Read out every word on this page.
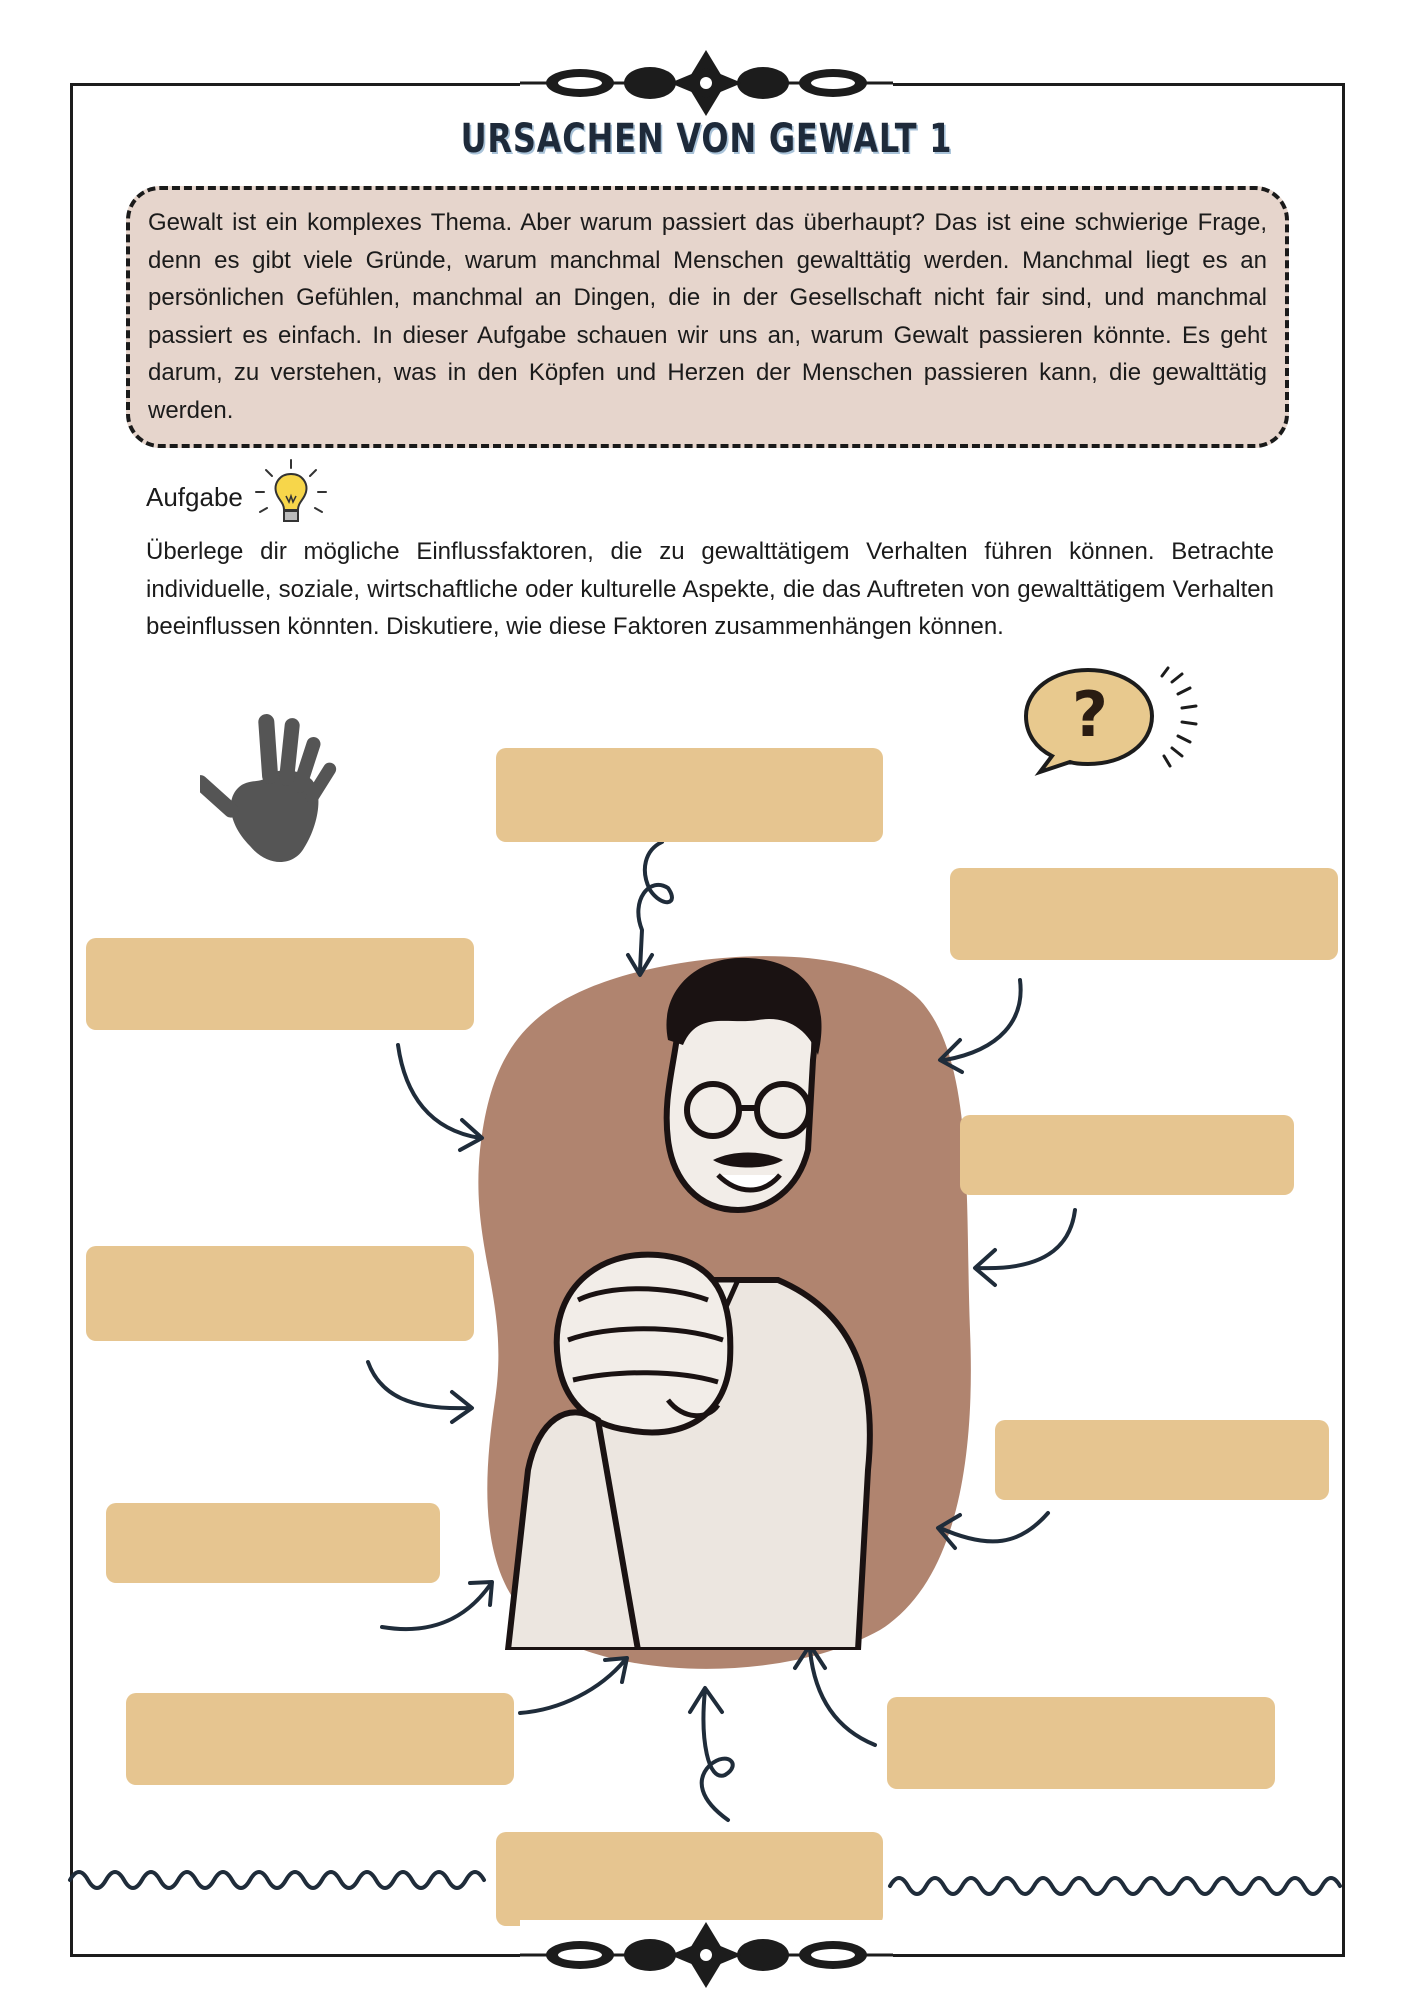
URSACHEN VON GEWALT 1
Gewalt ist ein komplexes Thema. Aber warum passiert das überhaupt? Das ist eine schwierige Frage, denn es gibt viele Gründe, warum manchmal Menschen gewalttätig werden. Manchmal liegt es an persönlichen Gefühlen, manchmal an Dingen, die in der Gesellschaft nicht fair sind, und manchmal passiert es einfach. In dieser Aufgabe schauen wir uns an, warum Gewalt passieren könnte. Es geht darum, zu verstehen, was in den Köpfen und Herzen der Menschen passieren kann, die gewalttätig werden.
Aufgabe
Überlege dir mögliche Einflussfaktoren, die zu gewalttätigem Verhalten führen können. Betrachte individuelle, soziale, wirtschaftliche oder kulturelle Aspekte, die das Auftreten von gewalttätigem Verhalten beeinflussen könnten. Diskutiere, wie diese Faktoren zusammenhängen können.
?
